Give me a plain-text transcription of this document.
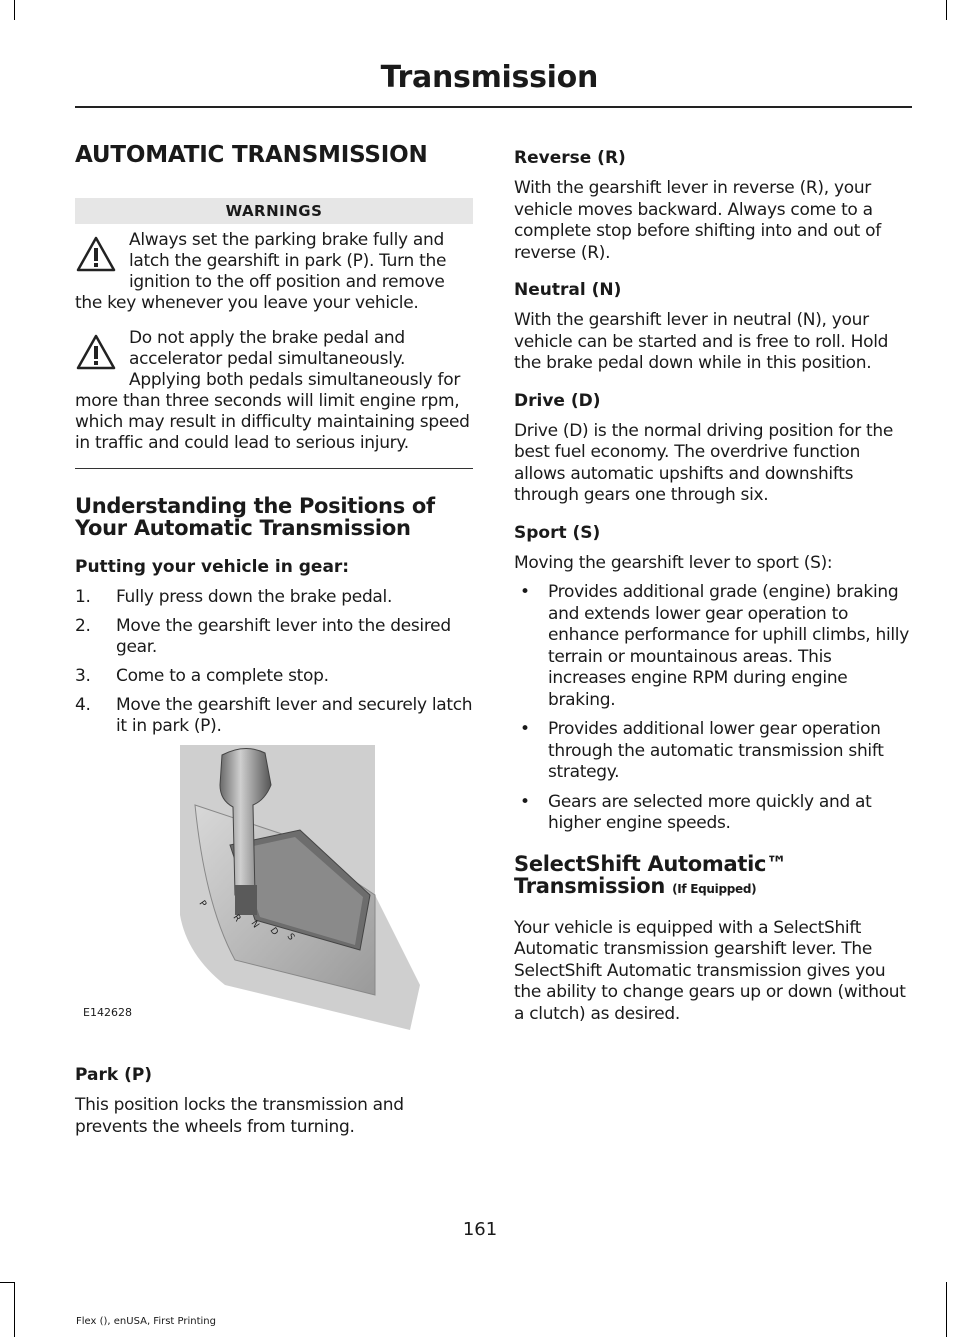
Transmission
AUTOMATIC TRANSMISSION
WARNINGS
Always set the parking brake fully and latch the gearshift in park (P). Turn the ignition to the off position and remove the key whenever you leave your vehicle.
Do not apply the brake pedal and accelerator pedal simultaneously. Applying both pedals simultaneously for more than three seconds will limit engine rpm, which may result in difficulty maintaining speed in traffic and could lead to serious injury.
Understanding the Positions of Your Automatic Transmission
Putting your vehicle in gear:
1. Fully press down the brake pedal.
2. Move the gearshift lever into the desired gear.
3. Come to a complete stop.
4. Move the gearshift lever and securely latch it in park (P).
P
R
N
D S
E142628
Park (P)
This position locks the transmission and prevents the wheels from turning.
Reverse (R)
With the gearshift lever in reverse (R), your vehicle moves backward. Always come to a complete stop before shifting into and out of reverse (R).
Neutral (N)
With the gearshift lever in neutral (N), your vehicle can be started and is free to roll. Hold the brake pedal down while in this position.
Drive (D)
Drive (D) is the normal driving position for the best fuel economy. The overdrive function allows automatic upshifts and downshifts through gears one through six.
Sport (S)
Moving the gearshift lever to sport (S):
• Provides additional grade (engine) braking and extends lower gear operation to enhance performance for uphill climbs, hilly terrain or mountainous areas. This increases engine RPM during engine braking.
• Provides additional lower gear operation through the automatic transmission shift strategy.
• Gears are selected more quickly and at higher engine speeds.
SelectShift Automatic™ Transmission (If Equipped)
Your vehicle is equipped with a SelectShift Automatic transmission gearshift lever. The SelectShift Automatic transmission gives you the ability to change gears up or down (without a clutch) as desired.
161
Flex (), enUSA, First Printing
